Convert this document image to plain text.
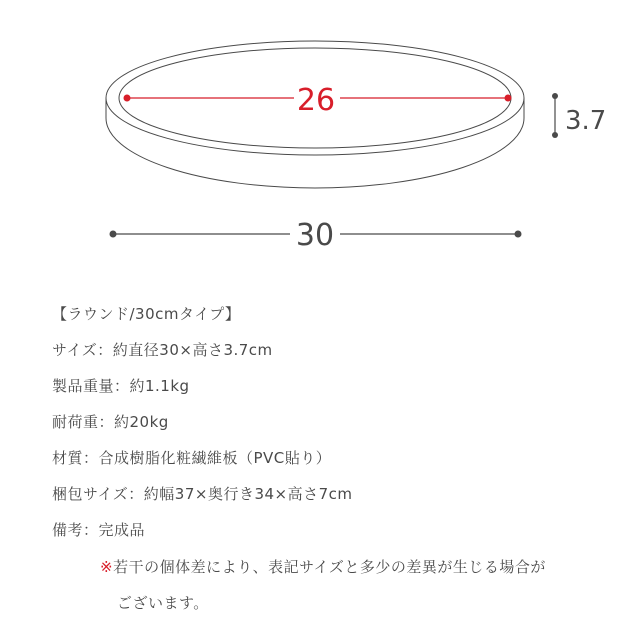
26
3.7
30
【ラウンド/30cmタイプ】
サイズ：約直径30×高さ3.7cm
製品重量：約1.1kg
耐荷重：約20kg
材質：合成樹脂化粧繊維板（PVC貼り）
梱包サイズ：約幅37×奥行き34×高さ7cm
備考：完成品
※若干の個体差により、表記サイズと多少の差異が生じる場合が
ございます。
